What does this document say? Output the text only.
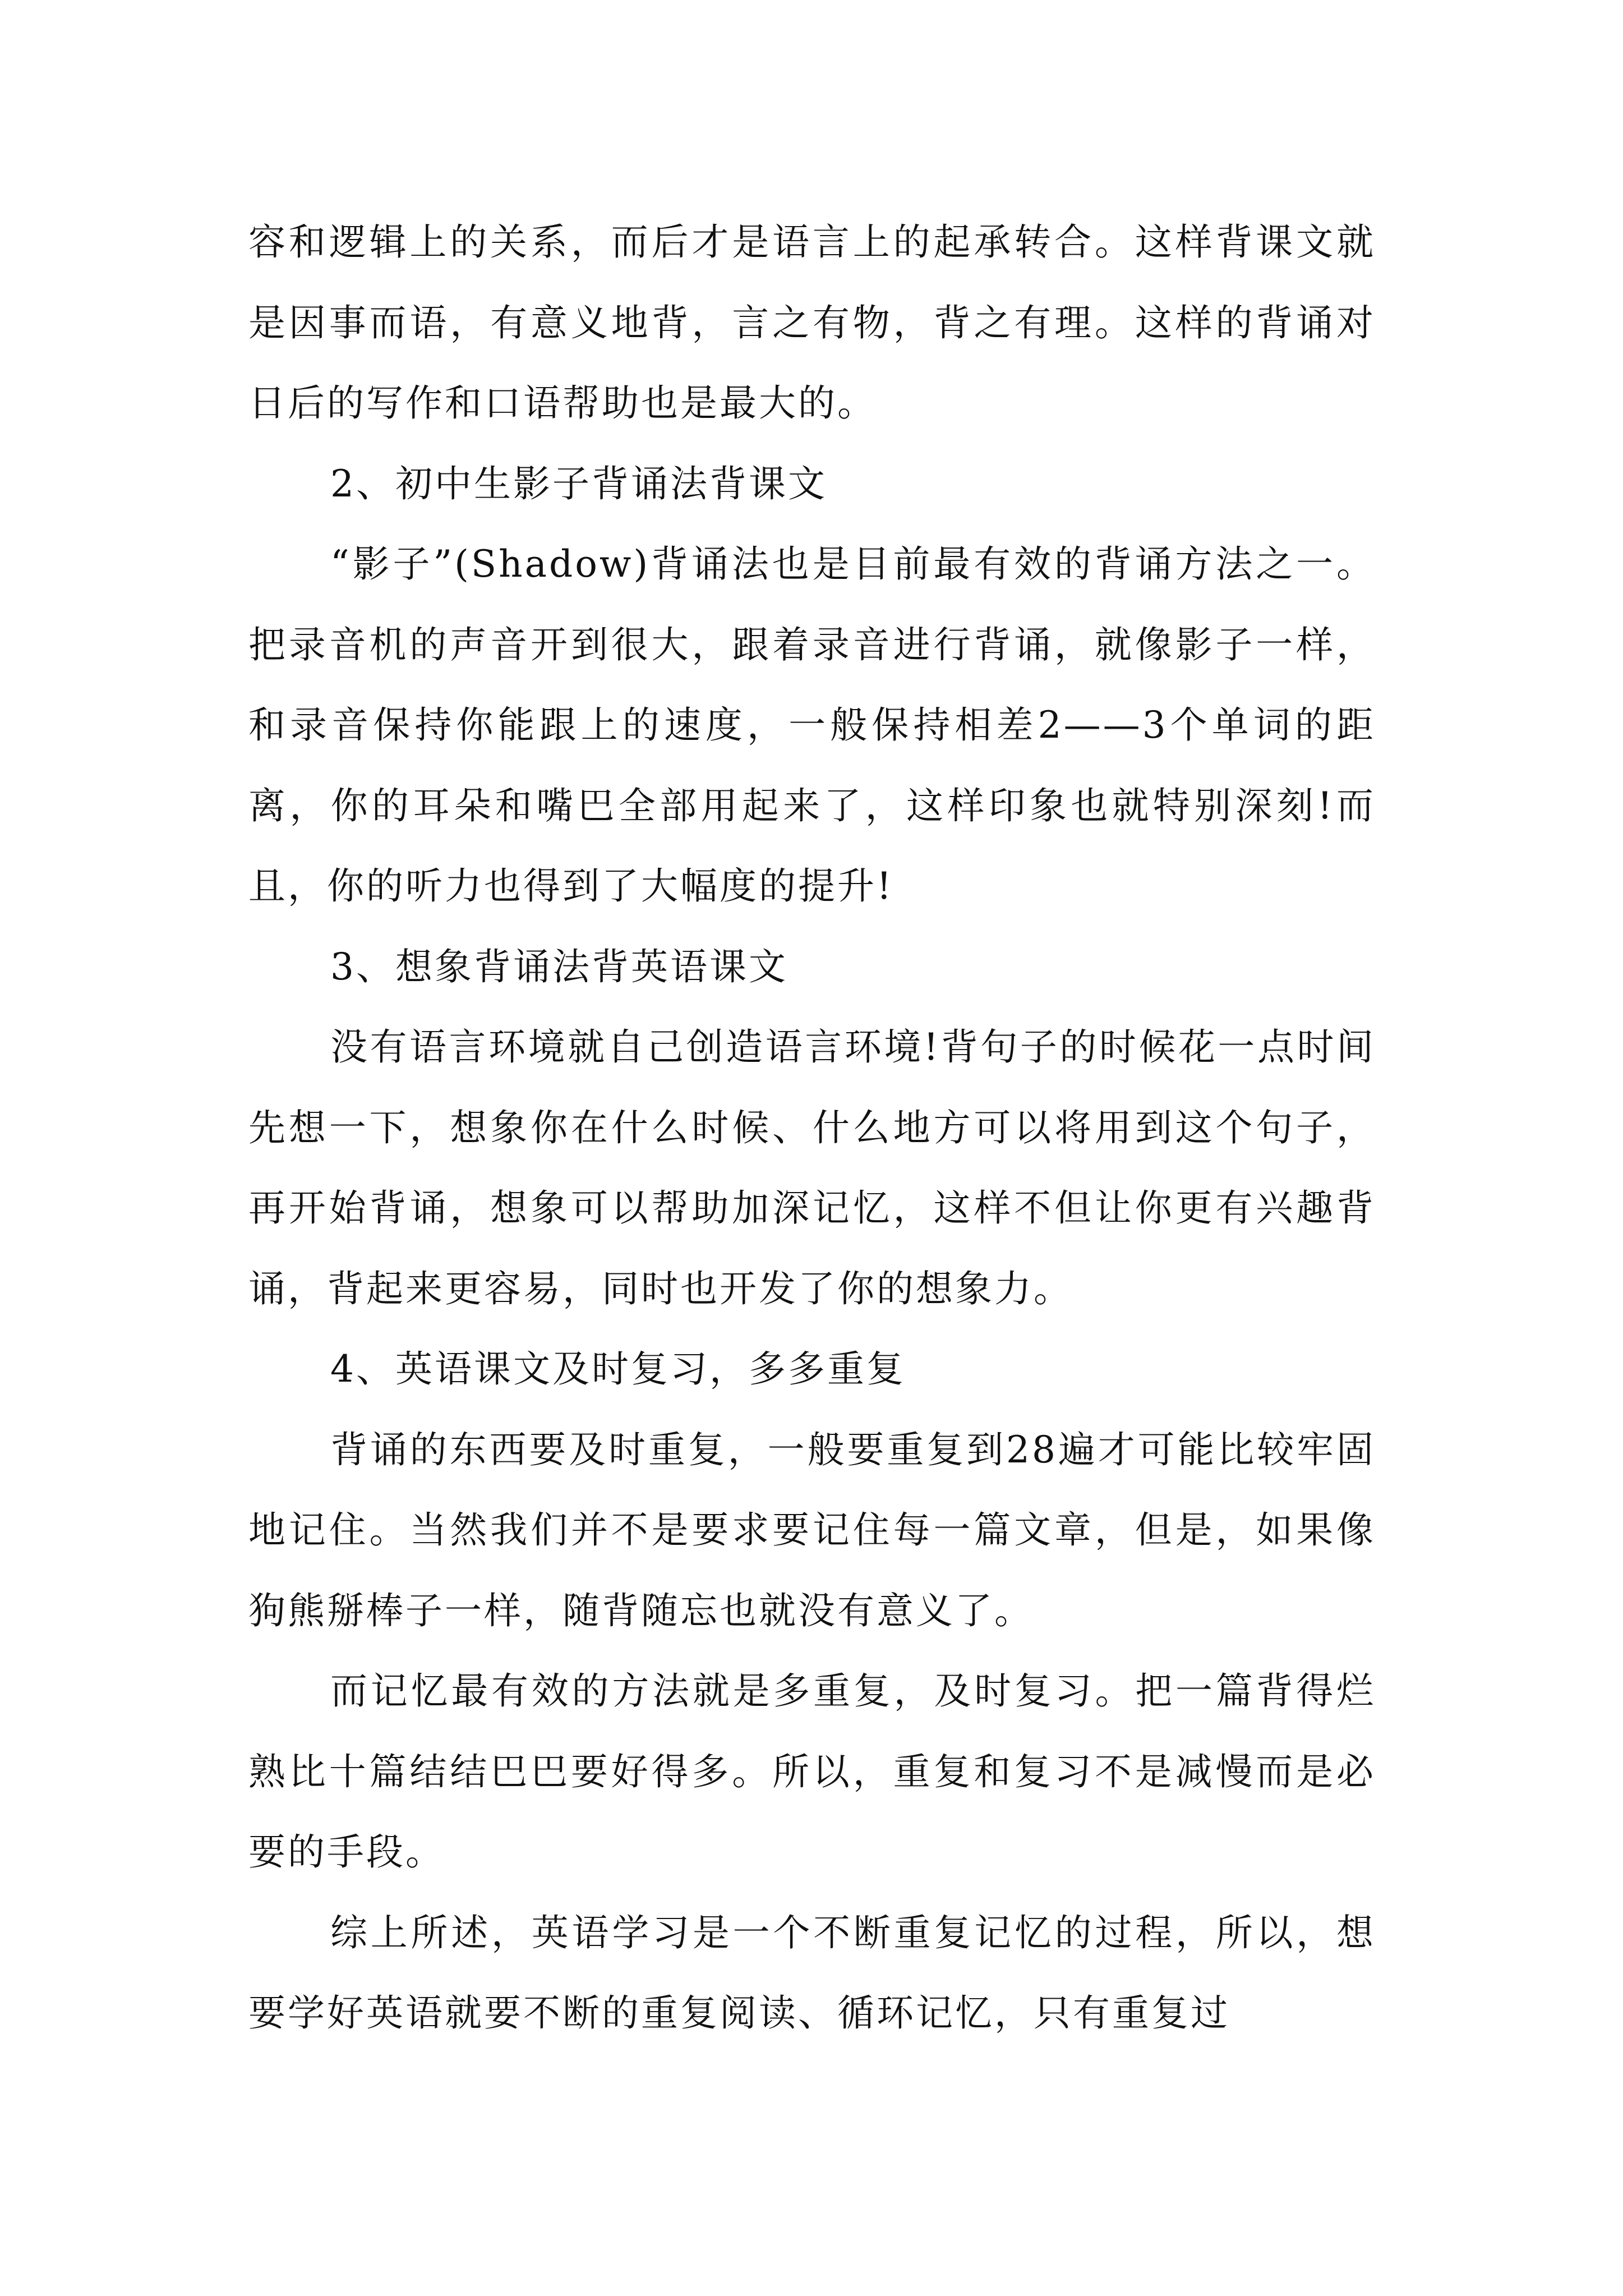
容和逻辑上的关系，而后才是语言上的起承转合。这样背课文就是因事而语，有意义地背，言之有物，背之有理。这样的背诵对日后的写作和口语帮助也是最大的。

2、初中生影子背诵法背课文

“影子”(Shadow)背诵法也是目前最有效的背诵方法之一。把录音机的声音开到很大，跟着录音进行背诵，就像影子一样，和录音保持你能跟上的速度，一般保持相差2——3个单词的距离，你的耳朵和嘴巴全部用起来了，这样印象也就特别深刻!而且，你的听力也得到了大幅度的提升!

3、想象背诵法背英语课文

没有语言环境就自己创造语言环境!背句子的时候花一点时间先想一下，想象你在什么时候、什么地方可以将用到这个句子，再开始背诵，想象可以帮助加深记忆，这样不但让你更有兴趣背诵，背起来更容易，同时也开发了你的想象力。

4、英语课文及时复习，多多重复

背诵的东西要及时重复，一般要重复到28遍才可能比较牢固地记住。当然我们并不是要求要记住每一篇文章，但是，如果像狗熊掰棒子一样，随背随忘也就没有意义了。

而记忆最有效的方法就是多重复，及时复习。把一篇背得烂熟比十篇结结巴巴要好得多。所以，重复和复习不是减慢而是必要的手段。

综上所述，英语学习是一个不断重复记忆的过程，所以，想要学好英语就要不断的重复阅读、循环记忆，只有重复过
